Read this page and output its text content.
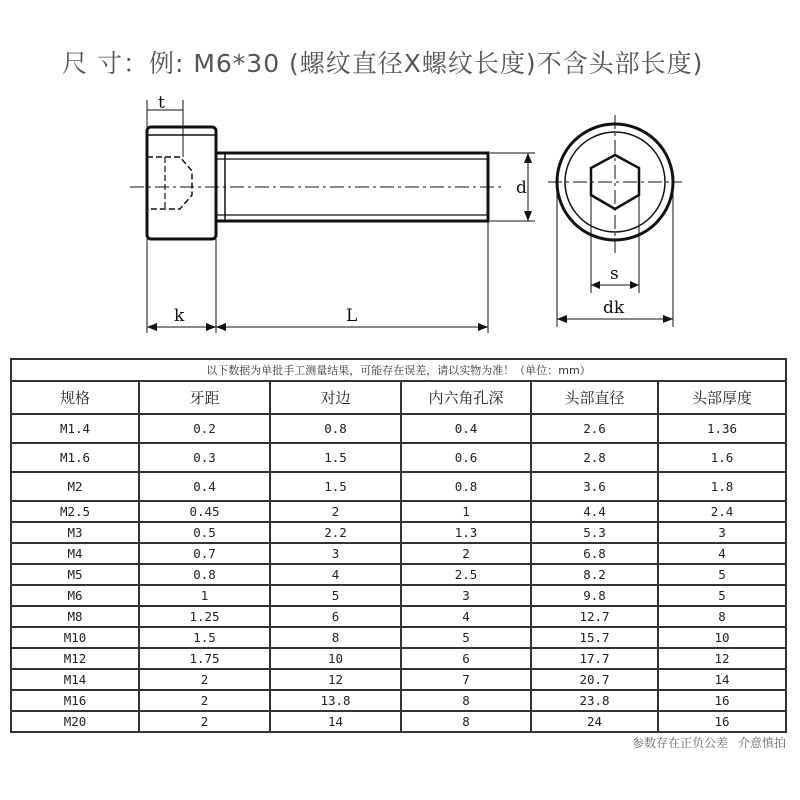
尺 寸：例: M6*30 (螺纹直径X螺纹长度)不含头部长度)
t
d
k	L
s
dk
以下数据为单批手工测量结果，可能存在误差，请以实物为准！（单位：mm）					
规格	牙距	对边	内六角孔深	头部直径	头部厚度
M1.4	0.2	0.8	0.4	2.6	1.36
M1.6	0.3	1.5	0.6	2.8	1.6
M2	0.4	1.5	0.8	3.6	1.8
M2.5	0.45	2	1	4.4	2.4
M3	0.5	2.2	1.3	5.3	3
M4	0.7	3	2	6.8	4
M5	0.8	4	2.5	8.2	5
M6	1	5	3	9.8	5
M8	1.25	6	4	12.7	8
M10	1.5	8	5	15.7	10
M12	1.75	10	6	17.7	12
M14	2	12	7	20.7	14
M16	2	13.8	8	23.8	16
M20	2	14	8	24	16
参数存在正负公差 介意慎拍
